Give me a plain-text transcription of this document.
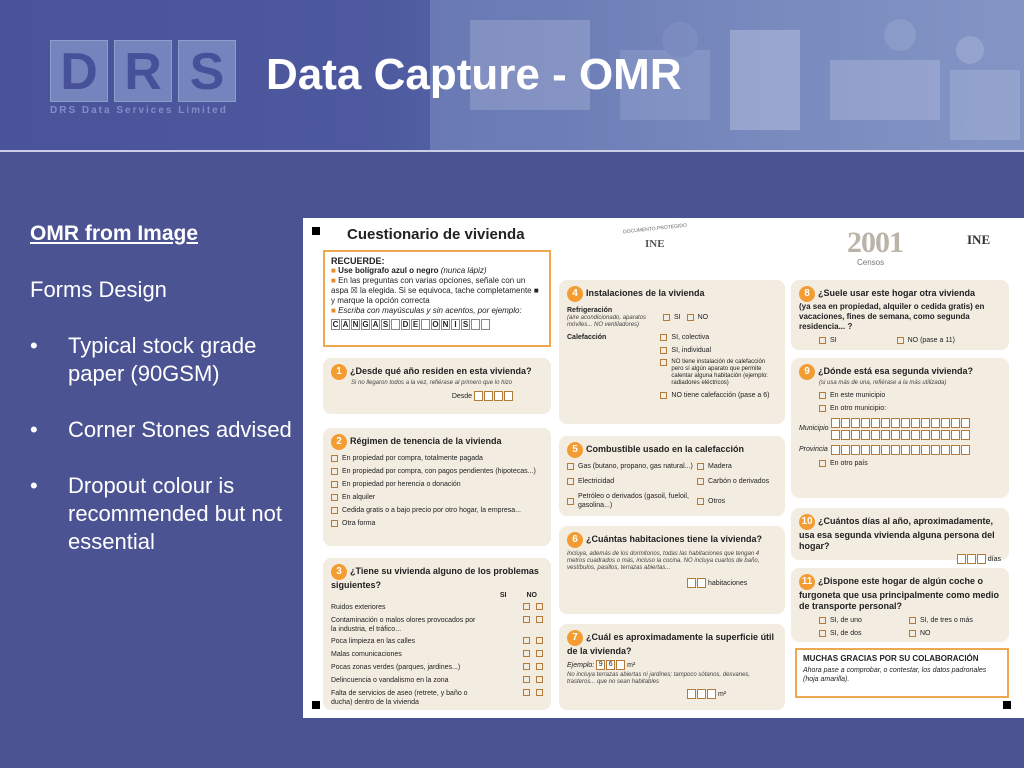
D R S
DRS Data Services Limited
Data Capture - OMR
OMR from Image
Forms Design
• Typical stock grade paper (90GSM)
• Corner Stones advised
• Dropout colour is recommended but not essential
Cuestionario de vivienda	DOCUMENTO PROTEGIDO
INE	2001
Censos
INE
RECUERDE:
■ Use bolígrafo azul o negro (nunca lápiz)
■ En las preguntas con varias opciones, señale con un aspa ☒ la elegida. Si se equivoca, tache completamente ■ y marque la opción correcta
■ Escriba con mayúsculas y sin acentos, por ejemplo:
C A N G A S D E O N I S
1 ¿Desde qué año residen en esta vivienda?
Si no llegaron todos a la vez, refiérase al primero que lo hizo
Desde
2 Régimen de tenencia de la vivienda
En propiedad por compra, totalmente pagada
En propiedad por compra, con pagos pendientes (hipotecas...)
En propiedad por herencia o donación
En alquiler
Cedida gratis o a bajo precio por otro hogar, la empresa...
Otra forma
3 ¿Tiene su vivienda alguno de los problemas siguientes?
SI	NO
Ruidos exteriores

Contaminación o malos olores provocados por la industria, el tráfico...

Poca limpieza en las calles

Malas comunicaciones

Pocas zonas verdes (parques, jardines...)

Delincuencia o vandalismo en la zona

Falta de servicios de aseo (retrete, y baño o ducha) dentro de la vivienda

4 Instalaciones de la vivienda
Refrigeración
(aire acondicionado, aparatos móviles... NO ventiladores)
SI NO
Calefacción	SI, colectiva
SI, individual
NO tiene instalación de calefacción pero sí algún aparato que permite calentar alguna habitación (ejemplo: radiadores eléctricos)
NO tiene calefacción (pase a 6)
5 Combustible usado en la calefacción
Gas (butano, propano, gas natural...) Madera
Electricidad	Carbón o derivados
Petróleo o derivados (gasoil, fueloil, gasolina...)
Otros
6 ¿Cuántas habitaciones tiene la vivienda?
Incluya, además de los dormitorios, todas las habitaciones que tengan 4 metros cuadrados o más, incluso la cocina. NO incluya cuartos de baño, vestíbulos, pasillos, terrazas abiertas...
habitaciones
7 ¿Cuál es aproximadamente la superficie útil de la vivienda?
Ejemplo: 9 6	m²
No incluya terrazas abiertas ni jardines; tampoco sótanos, desvanes, trasteros... que no sean habitables
m²
8 ¿Suele usar este hogar otra vivienda
(ya sea en propiedad, alquiler o cedida gratis) en vacaciones, fines de semana, como segunda residencia... ?
SI	NO (pase a 11)
9 ¿Dónde está esa segunda vivienda?
(si usa más de una, refiérase a la más utilizada)
En este municipio
En otro municipio:
Municipio
Provincia
En otro país
10 ¿Cuántos días al año, aproximadamente, usa esa segunda vivienda alguna persona del hogar?
días
11 ¿Dispone este hogar de algún coche o furgoneta que usa principalmente como medio de transporte personal?
SI, de uno	SI, de tres o más
SI, de dos	NO
MUCHAS GRACIAS POR SU COLABORACIÓN
Ahora pase a comprobar, o contestar, los datos padronales (hoja amarilla).
